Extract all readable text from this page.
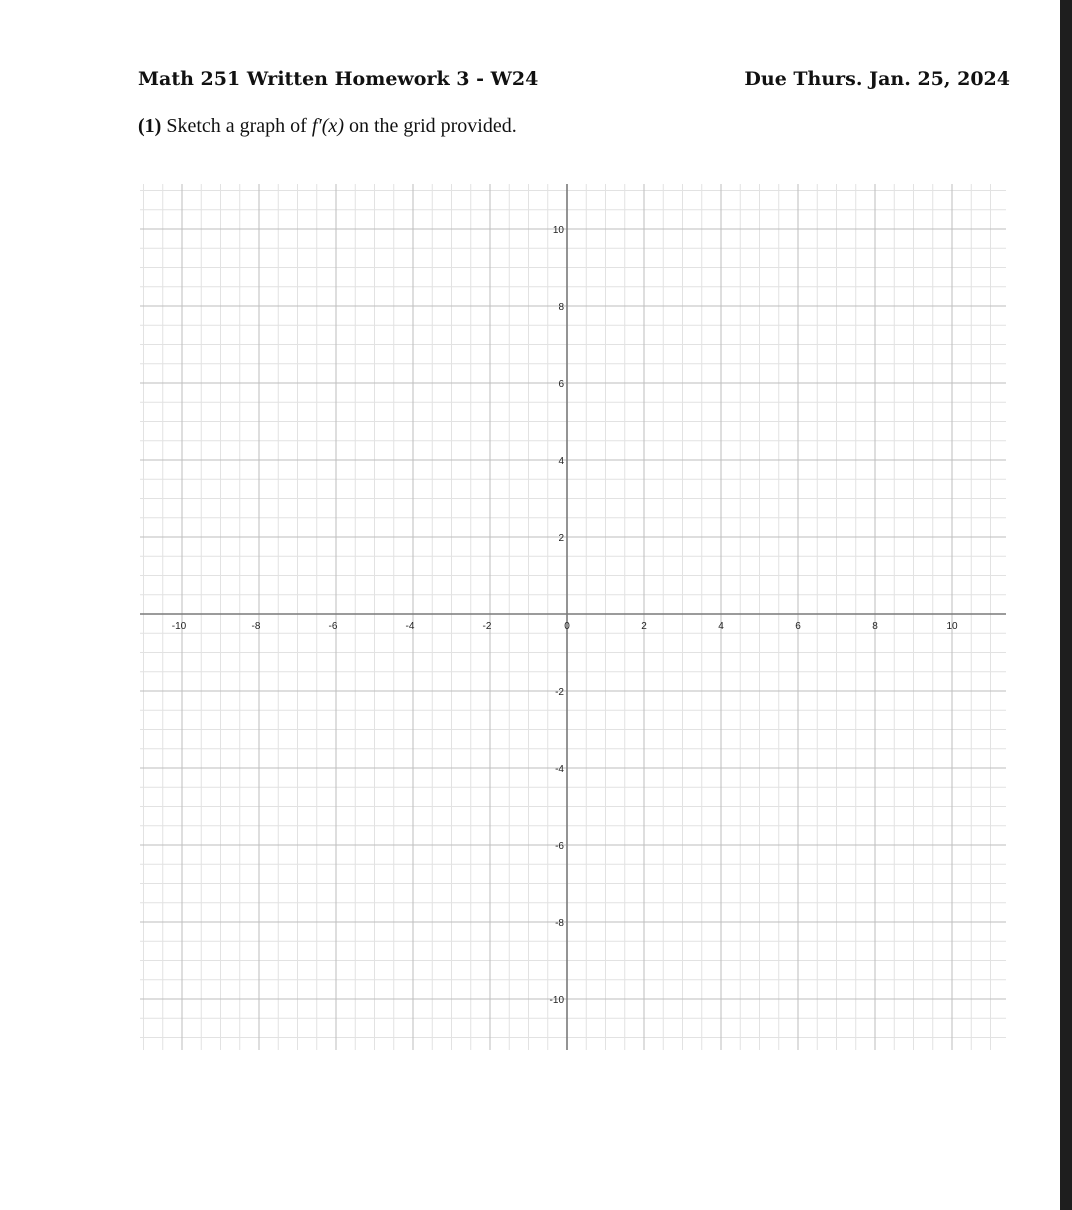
Math 251 Written Homework 3 - W24	Due Thurs. Jan. 25, 2024
(1) Sketch a graph of f′(x) on the grid provided.
-10	-8	-6	-4	-2	0	2	4	6	8	10
10
8
6
4
2
-2
-4
-6
-8
-10
